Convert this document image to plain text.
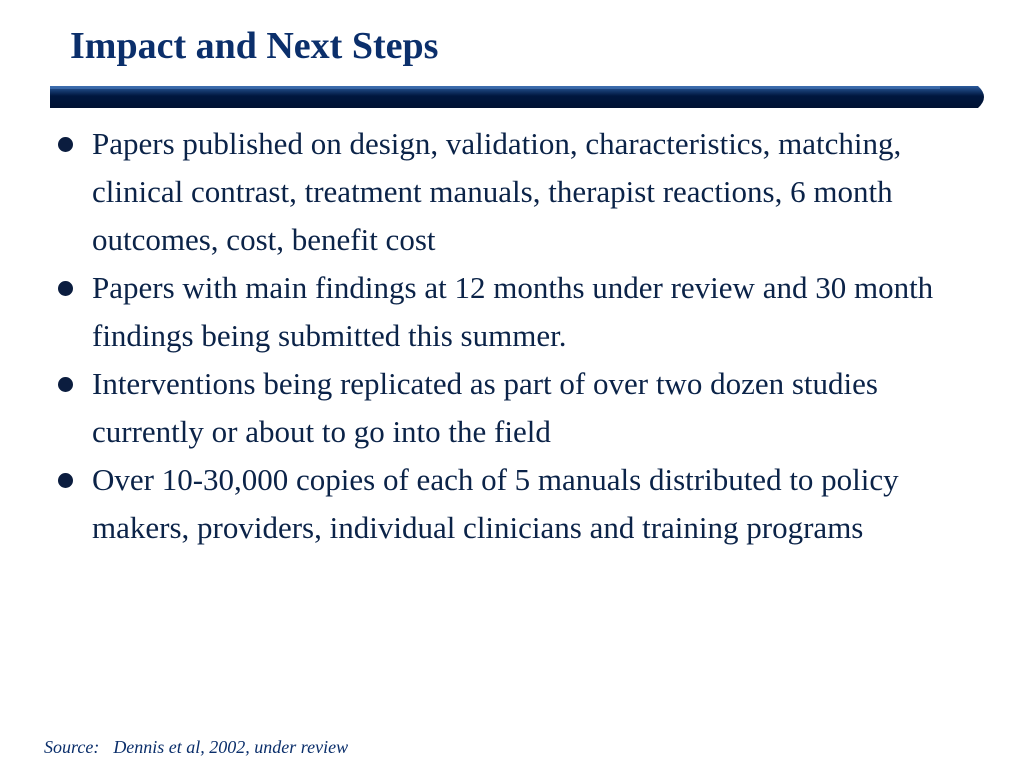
Impact and Next Steps
Papers published on design, validation, characteristics, matching, clinical contrast, treatment manuals, therapist reactions, 6 month outcomes, cost, benefit cost
Papers with main findings at 12 months under review and 30 month findings being submitted this summer.
Interventions being replicated as part of over two dozen studies currently or about to go into the field
Over 10-30,000 copies of each of 5 manuals distributed to policy makers, providers, individual clinicians and training programs
Source: Dennis et al, 2002, under review
